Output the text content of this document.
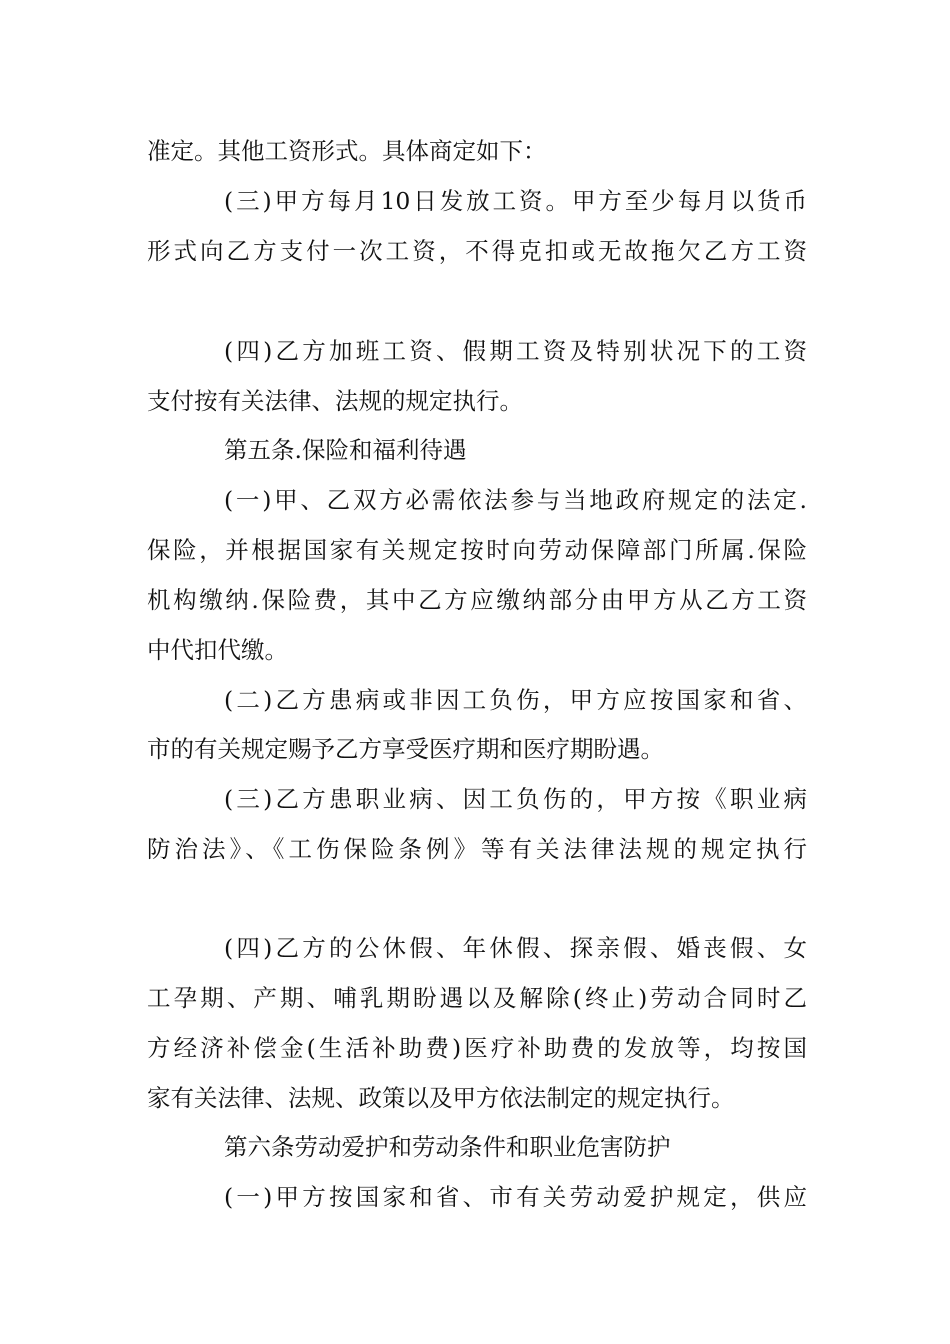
准定。其他工资形式。具体商定如下：
(三)甲方每月10日发放工资。甲方至少每月以货币
形式向乙方支付一次工资，不得克扣或无故拖欠乙方工资
(四)乙方加班工资、假期工资及特别状况下的工资
支付按有关法律、法规的规定执行。
第五条.保险和福利待遇
(一)甲、乙双方必需依法参与当地政府规定的法定.
保险，并根据国家有关规定按时向劳动保障部门所属.保险
机构缴纳.保险费，其中乙方应缴纳部分由甲方从乙方工资
中代扣代缴。
(二)乙方患病或非因工负伤，甲方应按国家和省、
市的有关规定赐予乙方享受医疗期和医疗期盼遇。
(三)乙方患职业病、因工负伤的，甲方按《职业病
防治法》、《工伤保险条例》等有关法律法规的规定执行
(四)乙方的公休假、年休假、探亲假、婚丧假、女
工孕期、产期、哺乳期盼遇以及解除(终止)劳动合同时乙
方经济补偿金(生活补助费)医疗补助费的发放等，均按国
家有关法律、法规、政策以及甲方依法制定的规定执行。
第六条劳动爱护和劳动条件和职业危害防护
(一)甲方按国家和省、市有关劳动爱护规定，供应
